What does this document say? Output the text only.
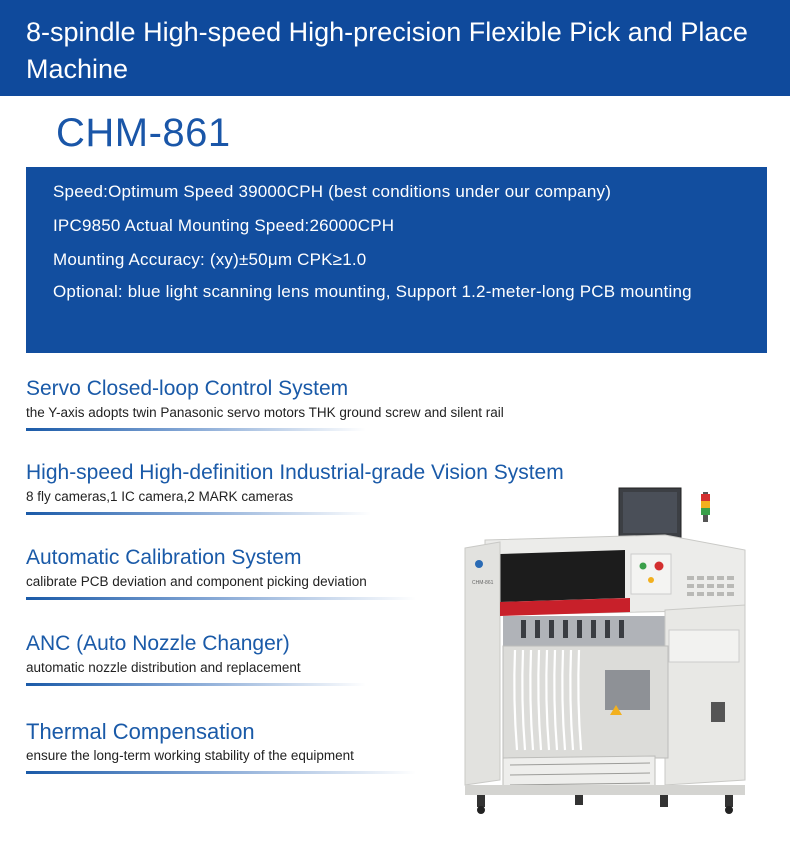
8-spindle High-speed High-precision Flexible Pick and Place Machine
CHM-861
Speed:Optimum Speed 39000CPH (best conditions under our company)
IPC9850 Actual Mounting Speed:26000CPH
Mounting Accuracy: (xy)±50μm CPK≥1.0
Optional: blue light scanning lens mounting, Support 1.2-meter-long PCB mounting
Servo Closed-loop Control System
the Y-axis adopts twin Panasonic servo motors THK ground screw and silent rail
High-speed High-definition Industrial-grade Vision System
8 fly cameras,1 IC camera,2 MARK cameras
Automatic Calibration System
calibrate PCB deviation and component picking deviation
ANC (Auto Nozzle Changer)
automatic nozzle distribution and replacement
Thermal Compensation
ensure the long-term working stability of the equipment
CHM-861
